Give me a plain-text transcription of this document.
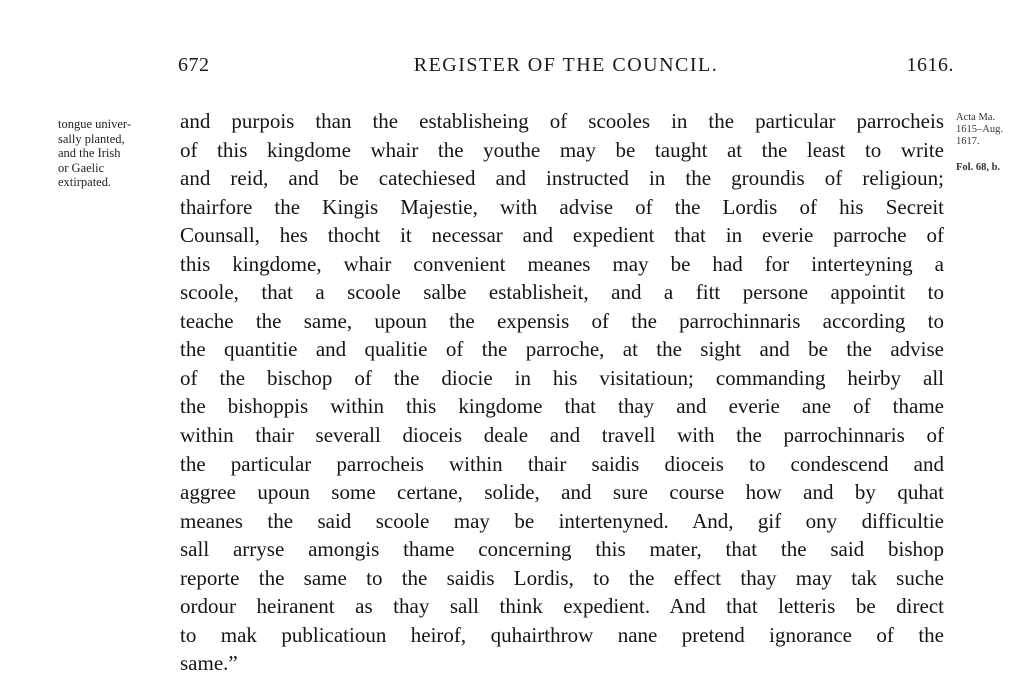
672	REGISTER OF THE COUNCIL.	1616.
tongue univer-
sally planted,
and the Irish
or Gaelic
extirpated.
Acta Ma.
1615–Aug.
1617.
Fol. 68, b.
and purpois than the establisheing of scooles in the particular parrocheis
of this kingdome whair the youthe may be taught at the least to write
and reid, and be catechiesed and instructed in the groundis of religioun;
thairfore the Kingis Majestie, with advise of the Lordis of his Secreit
Counsall, hes thocht it necessar and expedient that in everie parroche of
this kingdome, whair convenient meanes may be had for interteyning a
scoole, that a scoole salbe establisheit, and a fitt persone appointit to
teache the same, upoun the expensis of the parrochinnaris according to
the quantitie and qualitie of the parroche, at the sight and be the advise
of the bischop of the diocie in his visitatioun; commanding heirby all
the bishoppis within this kingdome that thay and everie ane of thame
within thair severall dioceis deale and travell with the parrochinnaris of
the particular parrocheis within thair saidis dioceis to condescend and
aggree upoun some certane, solide, and sure course how and by quhat
meanes the said scoole may be intertenyned. And, gif ony difficultie
sall arryse amongis thame concerning this mater, that the said bishop
reporte the same to the saidis Lordis, to the effect thay may tak suche
ordour heiranent as thay sall think expedient. And that letteris be direct
to mak publicatioun heirof, quhairthrow nane pretend ignorance of the
same.”
